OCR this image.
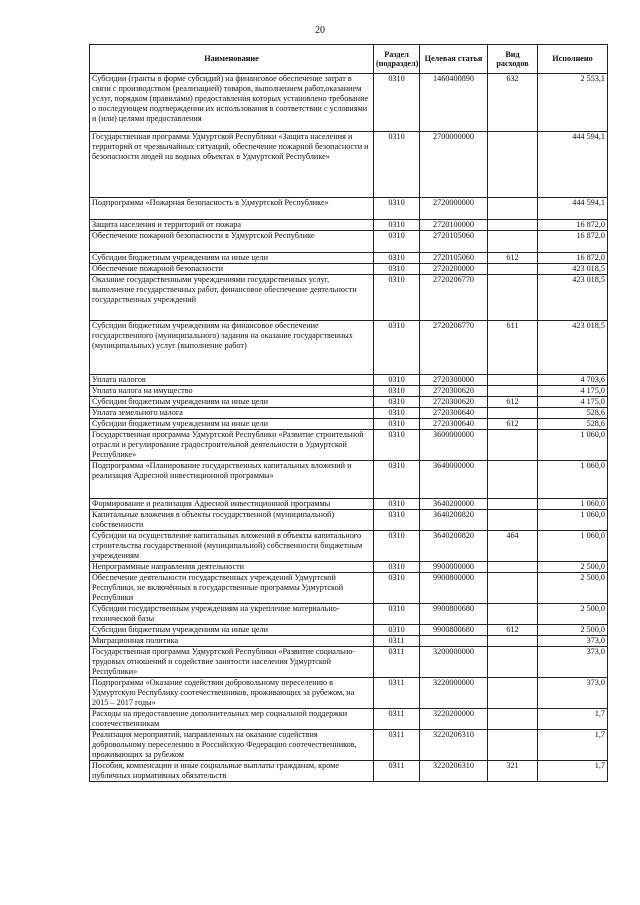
20
Наименование	Раздел (подраздел)	Целевая статья	Вид расходов	Исполнено
Субсидии (гранты в форме субсидий) на финансовое обеспечение затрат в связи с производством (реализацией) товаров, выполнением работ,оказанием услуг, порядком (правилами) предоставления которых установлено требование о последующем подтверждении их использования в соответствии с условиями и (или) целями предоставления	0310	1460400890	632	2 553,1
Государственная программа Удмуртской Республики «Защита населения и территорий от чрезвычайных ситуаций, обеспечение пожарной безопасности и безопасности людей на водных объектах в Удмуртской Республике»	0310	2700000000		444 594,1
Подпрограмма «Пожарная безопасность в Удмуртской Республике»	0310	2720000000		444 594,1
Защита населения и территорий от пожара	0310	2720100000		16 872,0
Обеспечение пожарной безопасности в Удмуртской Республике	0310	2720105060		16 872,0
Субсидии бюджетным учреждениям на иные цели	0310	2720105060	612	16 872,0
Обеспечение пожарной безопасности	0310	2720200000		423 018,5
Оказание государственными учреждениями государственных услуг, выполнение государственных работ, финансовое обеспечение деятельности государственных учреждений	0310	2720206770		423 018,5
Субсидии бюджетным учреждениям на финансовое обеспечение государственного (муниципального) задания на оказание государственных (муниципальных) услуг (выполнение работ)	0310	2720206770	611	423 018,5
Уплата налогов	0310	2720300000		4 703,6
Уплата налога на имущество	0310	2720300620		4 175,0
Субсидии бюджетным учреждениям на иные цели	0310	2720300620	612	4 175,0
Уплата земельного налога	0310	2720300640		528,6
Субсидии бюджетным учреждениям на иные цели	0310	2720300640	612	528,6
Государственная программа Удмуртской Республики «Развитие строительной отрасли и регулирование градостроительной деятельности в Удмуртской Республике»	0310	3600000000		1 060,0
Подпрограмма «Планирование государственных капитальных вложений и реализация Адресной инвестиционной программы»	0310	3640000000		1 060,0
Формирование и реализация Адресной инвестиционной программы	0310	3640200000		1 060,0
Капитальные вложения в объекты государственной (муниципальной) собственности	0310	3640200820		1 060,0
Субсидии на осуществление капитальных вложений в объекты капитального строительства государственной (муниципальной) собственности бюджетным учреждениям	0310	3640200820	464	1 060,0
Непрограммные направления деятельности	0310	9900000000		2 500,0
Обеспечение деятельности государственных учреждений Удмуртской Республики, не включённых в государственные программы Удмуртской Республики	0310	9900800000		2 500,0
Субсидии государственным учреждениям на укрепление материально-технической базы	0310	9900800680		2 500,0
Субсидии бюджетным учреждениям на иные цели	0310	9900800680	612	2 500,0
Миграционная политика	0311			373,0
Государственная программа Удмуртской Республики «Развитие социально-трудовых отношений и содействие занятости населения Удмуртской Республики»	0311	3200000000		373,0
Подпрограмма «Оказание содействия добровольному переселению в Удмуртскую Республику соотечественников, проживающих за рубежом, на 2015 – 2017 годы»	0311	3220000000		373,0
Расходы на предоставление дополнительных мер социальной поддержки соотечественникам	0311	3220200000		1,7
Реализация мероприятий, направленных на оказание содействия добровольному переселению в Российскую Федерацию соотечественников, проживающих за рубежом	0311	3220206310		1,7
Пособия, компенсации и иные социальные выплаты гражданам, кроме публичных нормативных обязательств	0311	3220206310	321	1,7
